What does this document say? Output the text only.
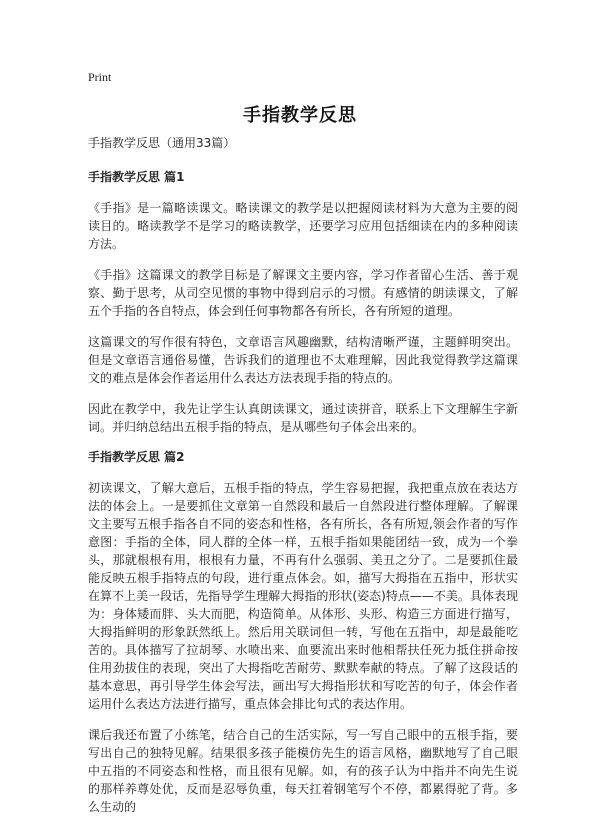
Print
手指教学反思

手指教学反思（通用33篇）

手指教学反思 篇1

《手指》是一篇略读课文。略读课文的教学是以把握阅读材料为大意为主要的阅读目的。略读教学不是学习的略读教学，还要学习应用包括细读在内的多种阅读方法。

《手指》这篇课文的教学目标是了解课文主要内容，学习作者留心生活、善于观察、勤于思考，从司空见惯的事物中得到启示的习惯。有感情的朗读课文，了解五个手指的各自特点，体会到任何事物都各有所长，各有所短的道理。

这篇课文的写作很有特色，文章语言风趣幽默，结构清晰严谨，主题鲜明突出。但是文章语言通俗易懂，告诉我们的道理也不太难理解，因此我觉得教学这篇课文的难点是体会作者运用什么表达方法表现手指的特点的。

因此在教学中，我先让学生认真朗读课文，通过读拼音，联系上下文理解生字新词。并归纳总结出五根手指的特点，是从哪些句子体会出来的。

手指教学反思 篇2

初读课文，了解大意后，五根手指的特点，学生容易把握，我把重点放在表达方法的体会上。一是要抓住文章第一自然段和最后一自然段进行整体理解。了解课文主要写五根手指各自不同的姿态和性格，各有所长，各有所短,领会作者的写作意图：手指的全体，同人群的全体一样，五根手指如果能团结一致，成为一个拳头，那就根根有用，根根有力量，不再有什么强弱、美丑之分了。二是要抓住最能反映五根手指特点的句段，进行重点体会。如，描写大拇指在五指中，形状实在算不上美一段话，先指导学生理解大拇指的形状(姿态)特点——不美。具体表现为：身体矮而胖、头大而肥，构造简单。从体形、头形、构造三方面进行描写，大拇指鲜明的形象跃然纸上。然后用关联词但一转，写他在五指中，却是最能吃苦的。具体描写了拉胡琴、水喷出来、血要流出来时他相帮扶任死力抵住拼命按住用劲拔住的表现，突出了大拇指吃苦耐劳、默默奉献的特点。了解了这段话的基本意思，再引导学生体会写法，画出写大拇指形状和写吃苦的句子，体会作者运用什么表达方法进行描写，重点体会排比句式的表达作用。

课后我还布置了小练笔，结合自己的生活实际，写一写自己眼中的五根手指，要写出自己的独特见解。结果很多孩子能模仿先生的语言风格，幽默地写了自己眼中五指的不同姿态和性格，而且很有见解。如，有的孩子认为中指并不向先生说的那样养尊处优，反而是忍辱负重，每天扛着钢笔写个不停，都累得驼了背。多么生动的
